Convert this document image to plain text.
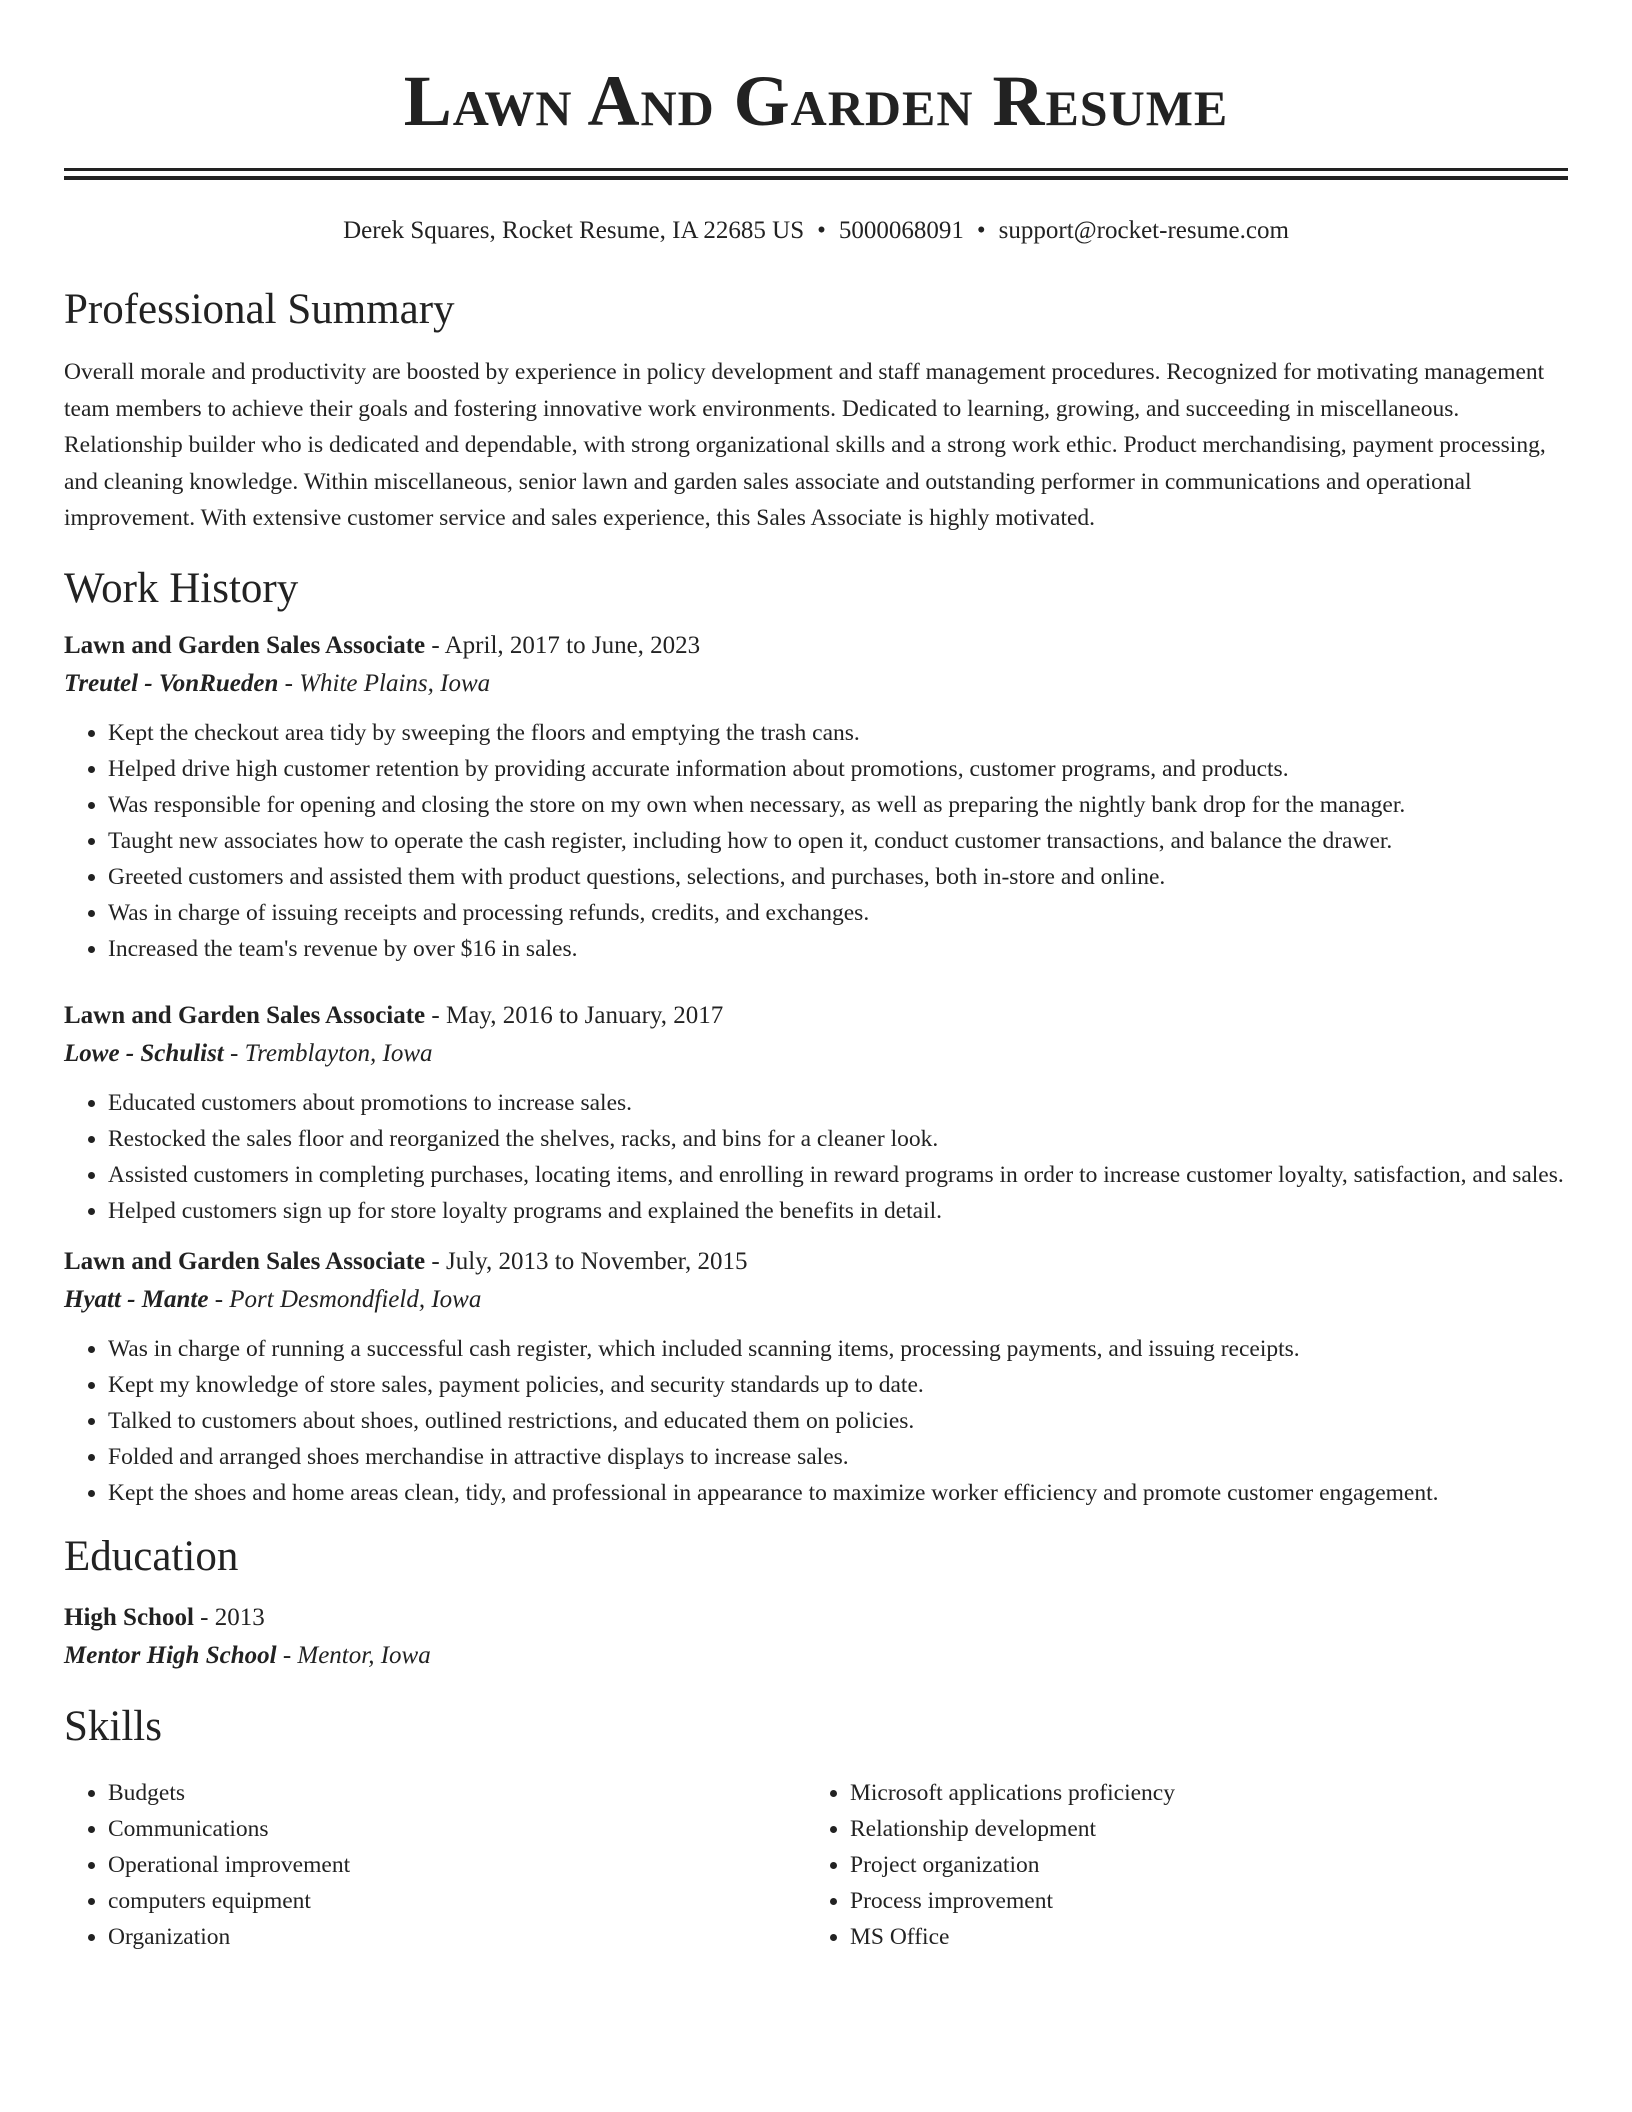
Lawn And Garden Resume
Derek Squares, Rocket Resume, IA 22685 US • 5000068091 • support@rocket-resume.com
Professional Summary
Overall morale and productivity are boosted by experience in policy development and staff management procedures. Recognized for motivating management team members to achieve their goals and fostering innovative work environments. Dedicated to learning, growing, and succeeding in miscellaneous. Relationship builder who is dedicated and dependable, with strong organizational skills and a strong work ethic. Product merchandising, payment processing, and cleaning knowledge. Within miscellaneous, senior lawn and garden sales associate and outstanding performer in communications and operational improvement. With extensive customer service and sales experience, this Sales Associate is highly motivated.
Work History
Lawn and Garden Sales Associate - April, 2017 to June, 2023
Treutel - VonRueden - White Plains, Iowa
• Kept the checkout area tidy by sweeping the floors and emptying the trash cans.
• Helped drive high customer retention by providing accurate information about promotions, customer programs, and products.
• Was responsible for opening and closing the store on my own when necessary, as well as preparing the nightly bank drop for the manager.
• Taught new associates how to operate the cash register, including how to open it, conduct customer transactions, and balance the drawer.
• Greeted customers and assisted them with product questions, selections, and purchases, both in-store and online.
• Was in charge of issuing receipts and processing refunds, credits, and exchanges.
• Increased the team's revenue by over $16 in sales.
Lawn and Garden Sales Associate - May, 2016 to January, 2017
Lowe - Schulist - Tremblayton, Iowa
• Educated customers about promotions to increase sales.
• Restocked the sales floor and reorganized the shelves, racks, and bins for a cleaner look.
• Assisted customers in completing purchases, locating items, and enrolling in reward programs in order to increase customer loyalty, satisfaction, and sales.
• Helped customers sign up for store loyalty programs and explained the benefits in detail.
Lawn and Garden Sales Associate - July, 2013 to November, 2015
Hyatt - Mante - Port Desmondfield, Iowa
• Was in charge of running a successful cash register, which included scanning items, processing payments, and issuing receipts.
• Kept my knowledge of store sales, payment policies, and security standards up to date.
• Talked to customers about shoes, outlined restrictions, and educated them on policies.
• Folded and arranged shoes merchandise in attractive displays to increase sales.
• Kept the shoes and home areas clean, tidy, and professional in appearance to maximize worker efficiency and promote customer engagement.
Education
High School - 2013
Mentor High School - Mentor, Iowa
Skills
• Budgets
• Communications
• Operational improvement
• computers equipment
• Organization
• Microsoft applications proficiency
• Relationship development
• Project organization
• Process improvement
• MS Office
